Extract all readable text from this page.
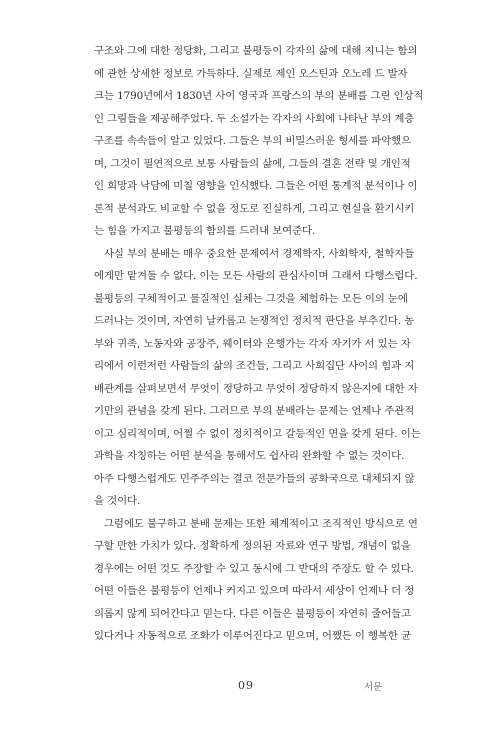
구조와 그에 대한 정당화, 그리고 불평등이 각자의 삶에 대해 지니는 함의
에 관한 상세한 정보로 가득하다. 실제로 제인 오스틴과 오노레 드 발자
크는 1790년에서 1830년 사이 영국과 프랑스의 부의 분배를 그린 인상적
인 그림들을 제공해주었다. 두 소설가는 각자의 사회에 나타난 부의 계층
구조를 속속들이 알고 있었다. 그들은 부의 비밀스러운 형세를 파악했으
며, 그것이 필연적으로 보통 사람들의 삶에, 그들의 결혼 전략 및 개인적
인 희망과 낙담에 미칠 영향을 인식했다. 그들은 어떤 통계적 분석이나 이
론적 분석과도 비교할 수 없을 정도로 진실하게, 그리고 현실을 환기시키
는 힘을 가지고 불평등의 함의를 드러내 보여준다.
사실 부의 분배는 매우 중요한 문제여서 경제학자, 사회학자, 철학자들
에게만 맡겨둘 수 없다. 이는 모든 사람의 관심사이며 그래서 다행스럽다.
불평등의 구체적이고 물질적인 실체는 그것을 체험하는 모든 이의 눈에
드러나는 것이며, 자연히 날카롭고 논쟁적인 정치적 판단을 부추긴다. 농
부와 귀족, 노동자와 공장주, 웨이터와 은행가는 각자 자기가 서 있는 자
리에서 이런저런 사람들의 삶의 조건들, 그리고 사회집단 사이의 힘과 지
배관계를 살펴보면서 무엇이 정당하고 무엇이 정당하지 않은지에 대한 자
기만의 관념을 갖게 된다. 그러므로 부의 분배라는 문제는 언제나 주관적
이고 심리적이며, 어쩔 수 없이 정치적이고 갈등적인 면을 갖게 된다. 이는
과학을 자칭하는 어떤 분석을 통해서도 쉽사리 완화할 수 없는 것이다.
아주 다행스럽게도 민주주의는 결코 전문가들의 공화국으로 대체되지 않
을 것이다.
그럼에도 불구하고 분배 문제는 또한 체계적이고 조직적인 방식으로 연
구할 만한 가치가 있다. 정확하게 정의된 자료와 연구 방법, 개념이 없을
경우에는 어떤 것도 주장할 수 있고 동시에 그 반대의 주장도 할 수 있다.
어떤 이들은 불평등이 언제나 커지고 있으며 따라서 세상이 언제나 더 정
의롭지 않게 되어간다고 믿는다. 다른 이들은 불평등이 자연히 줄어들고
있다거나 자동적으로 조화가 이루어진다고 믿으며, 어쨌든 이 행복한 균
09	서문
